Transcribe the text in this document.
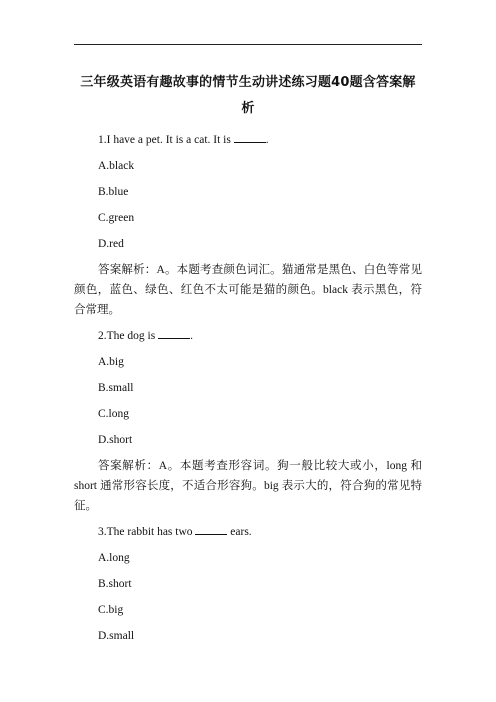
三年级英语有趣故事的情节生动讲述练习题40题含答案解
析

1.I have a pet. It is a cat. It is	.

A.black

B.blue

C.green

D.red

答案解析：A。本题考查颜色词汇。猫通常是黑色、白色等常见颜色，蓝色、绿色、红色不太可能是猫的颜色。black 表示黑色，符合常理。

2.The dog is	.

A.big

B.small

C.long

D.short

答案解析：A。本题考查形容词。狗一般比较大或小，long 和 short 通常形容长度，不适合形容狗。big 表示大的，符合狗的常见特征。

3.The rabbit has two	ears.

A.long

B.short

C.big

D.small
